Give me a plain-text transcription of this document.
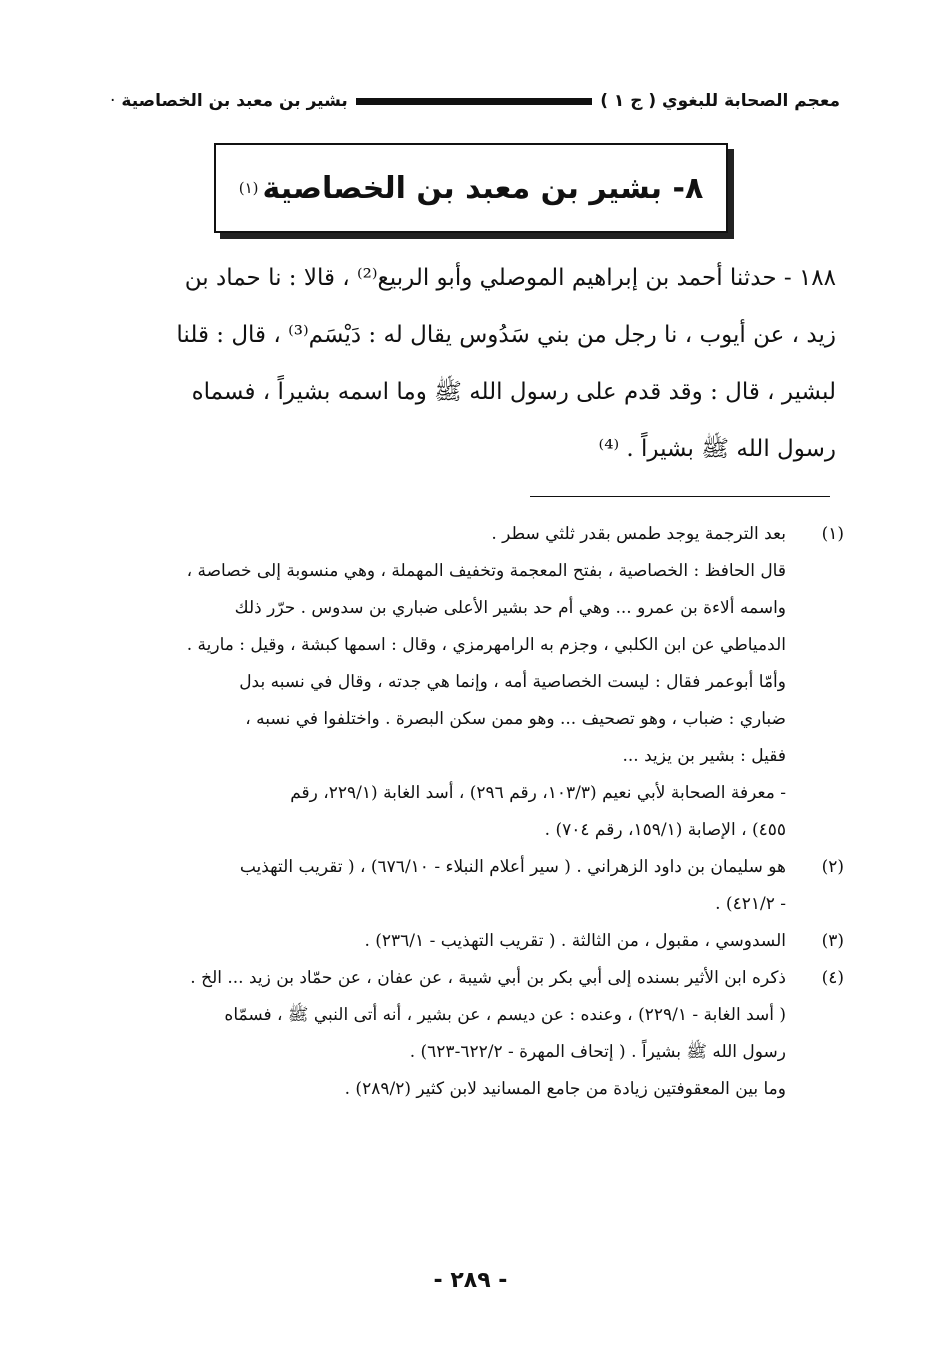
معجم الصحابة للبغوي ( ج ١ )
بشير بن معبد بن الخصاصية
·
٨- بشير بن معبد بن الخصاصية
(١)
١٨٨ - حدثنا أحمد بن إبراهيم الموصلي وأبو الربيع⁽²⁾ ، قالا : نا حماد بن
زيد ، عن أيوب ، نا رجل من بني سَدُوس يقال له : دَيْسَم⁽³⁾ ، قال : قلنا
لبشير ، قال : وقد قدم على رسول الله ﷺ وما اسمه بشيراً ، فسماه
رسول الله ﷺ بشيراً . ⁽⁴⁾
(١)
بعد الترجمة يوجد طمس بقدر ثلثي سطر .
قال الحافظ : الخصاصية ، بفتح المعجمة وتخفيف المهملة ، وهي منسوبة إلى خصاصة ،
واسمه ألاءة بن عمرو ... وهي أم حد بشير الأعلى ضباري بن سدوس . حرّر ذلك
الدمياطي عن ابن الكلبي ، وجزم به الرامهرمزي ، وقال : اسمها كبشة ، وقيل : مارية .
وأمّا أبوعمر فقال : ليست الخصاصية أمه ، وإنما هي جدته ، وقال في نسبه بدل
ضباري : ضباب ، وهو تصحيف ... وهو ممن سكن البصرة . واختلفوا في نسبه ،
فقيل : بشير بن يزيد ...
- معرفة الصحابة لأبي نعيم (١٠٣/٣، رقم ٢٩٦) ، أسد الغابة (٢٢٩/١، رقم
٤٥٥) ، الإصابة (١٥٩/١، رقم ٧٠٤) .
(٢)
هو سليمان بن داود الزهراني . ( سير أعلام النبلاء - ٦٧٦/١٠) ، ( تقريب التهذيب
- ٤٢١/٢) .
(٣)
السدوسي ، مقبول ، من الثالثة . ( تقريب التهذيب - ٢٣٦/١) .
(٤)
ذكره ابن الأثير بسنده إلى أبي بكر بن أبي شيبة ، عن عفان ، عن حمّاد بن زيد ... الخ .
( أسد الغابة - ٢٢٩/١) ، وعنده : عن ديسم ، عن بشير ، أنه أتى النبي ﷺ ، فسمّاه
رسول الله ﷺ بشيراً . ( إتحاف المهرة - ٦٢٢/٢-٦٢٣) .
وما بين المعقوفتين زيادة من جامع المسانيد لابن كثير (٢٨٩/٢) .
- ٢٨٩ -
